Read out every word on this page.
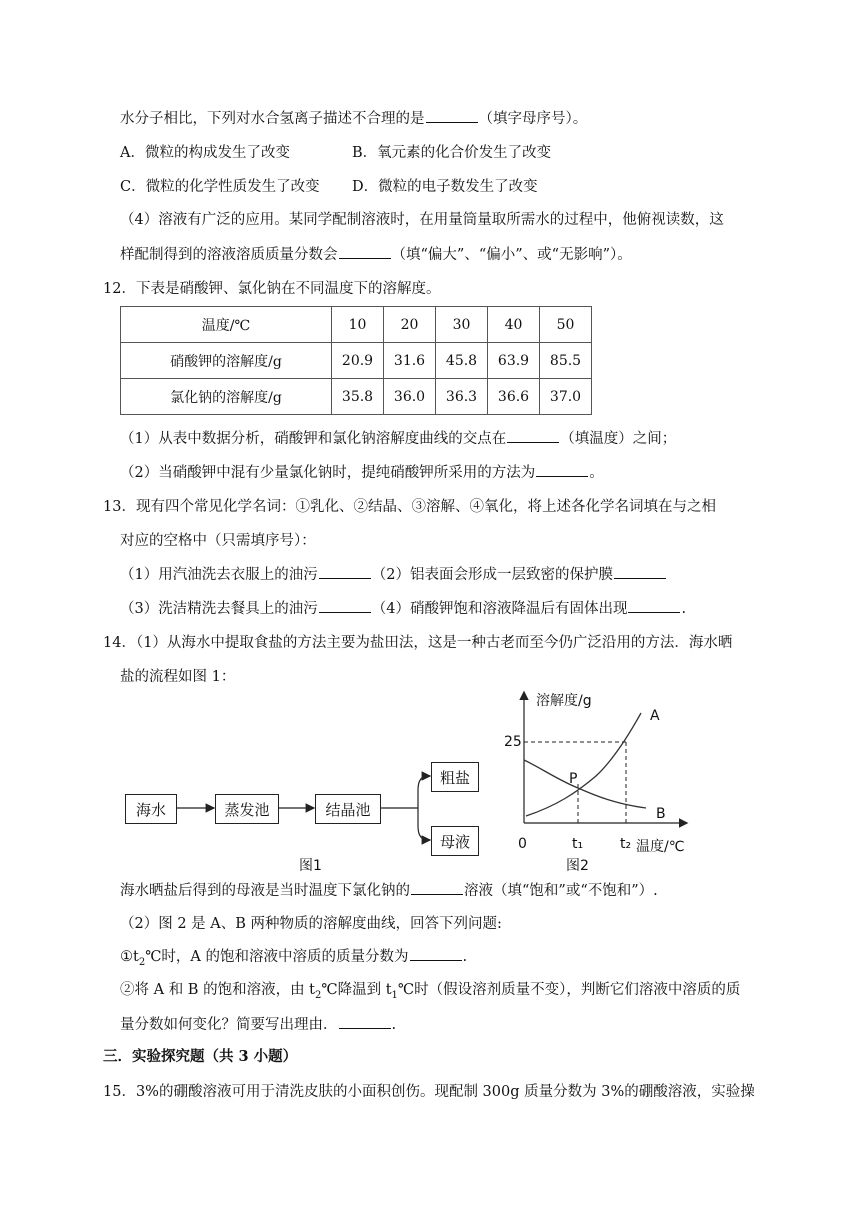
水分子相比，下列对水合氢离子描述不合理的是	（填字母序号）。
A．微粒的构成发生了改变	B．氧元素的化合价发生了改变
C．微粒的化学性质发生了改变 D．微粒的电子数发生了改变
（4）溶液有广泛的应用。某同学配制溶液时，在用量筒量取所需水的过程中，他俯视读数，这
样配制得到的溶液溶质质量分数会	（填“偏大”、“偏小”、或“无影响”）。
12．下表是硝酸钾、氯化钠在不同温度下的溶解度。
温度/℃	10	20	30	40	50
硝酸钾的溶解度/g	20.9	31.6	45.8	63.9	85.5
氯化钠的溶解度/g	35.8	36.0	36.3	36.6	37.0
（1）从表中数据分析，硝酸钾和氯化钠溶解度曲线的交点在	（填温度）之间；
（2）当硝酸钾中混有少量氯化钠时，提纯硝酸钾所采用的方法为	。
13．现有四个常见化学名词：①乳化、②结晶、③溶解、④氧化，将上述各化学名词填在与之相
对应的空格中（只需填序号）：
（1）用汽油洗去衣服上的油污	（2）铝表面会形成一层致密的保护膜
（3）洗洁精洗去餐具上的油污	（4）硝酸钾饱和溶液降温后有固体出现	.
14．（1）从海水中提取食盐的方法主要为盐田法，这是一种古老而至今仍广泛沿用的方法．海水晒
盐的流程如图 1：
海水	蒸发池	结晶池
粗盐
母液
图1
溶解度/g
25
0	t₁	t₂ 温度/℃
A
B
P
图2
海水晒盐后得到的母液是当时温度下氯化钠的	溶液（填“饱和”或“不饱和”）.
（2）图 2 是 A、B 两种物质的溶解度曲线，回答下列问题:
$①t_2℃$时，A 的饱和溶液中溶质的质量分数为	.
②将 A 和 B 的饱和溶液，由 $t_2℃$降温到 $t_1℃$时（假设溶剂质量不变），判断它们溶液中溶质的质
量分数如何变化？简要写出理由．	.
三．实验探究题（共 3 小题）
15．3%的硼酸溶液可用于清洗皮肤的小面积创伤。现配制 300g 质量分数为 3%的硼酸溶液，实验操
